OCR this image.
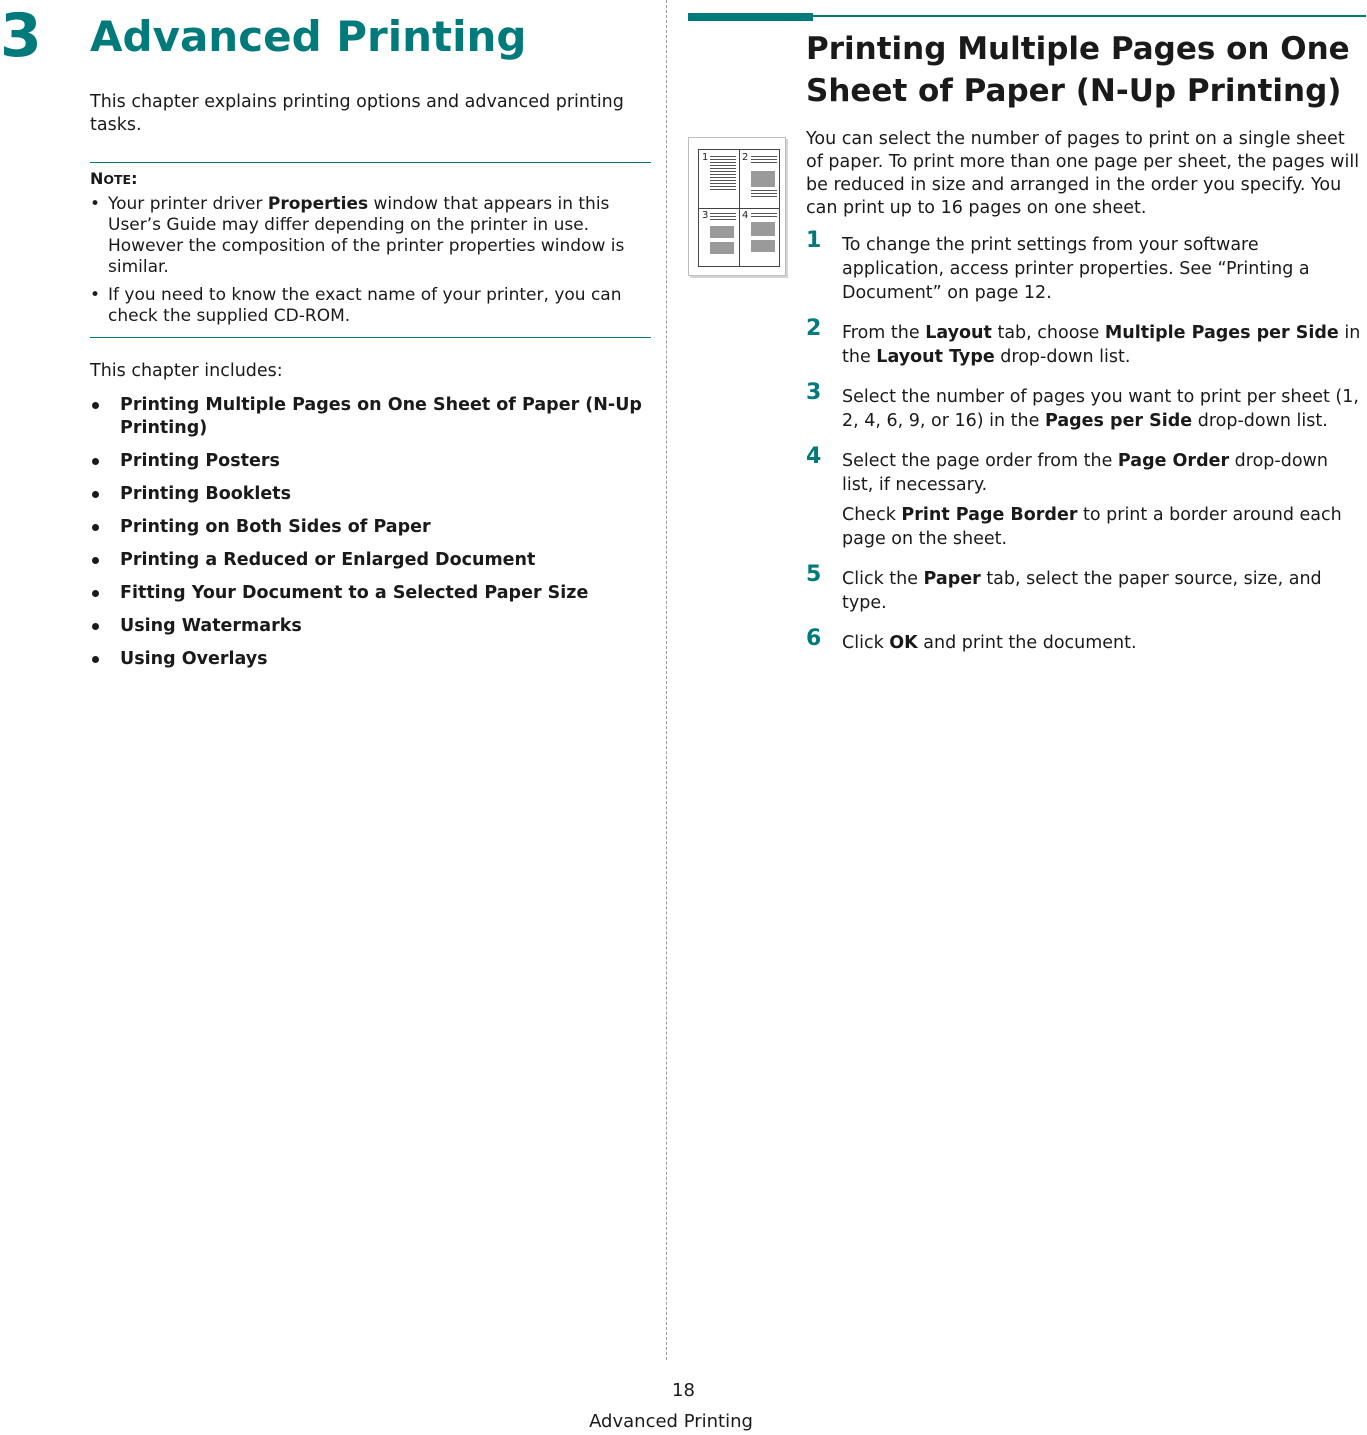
3 Advanced Printing
This chapter explains printing options and advanced printing tasks.
NOTE:
• Your printer driver Properties window that appears in this User’s Guide may differ depending on the printer in use. However the composition of the printer properties window is similar.
• If you need to know the exact name of your printer, you can check the supplied CD-ROM.
This chapter includes:
Printing Multiple Pages on One Sheet of Paper (N-Up Printing)
Printing Posters
Printing Booklets
Printing on Both Sides of Paper
Printing a Reduced or Enlarged Document
Fitting Your Document to a Selected Paper Size
Using Watermarks
Using Overlays
Printing Multiple Pages on One Sheet of Paper (N-Up Printing)
1	2
3	4
You can select the number of pages to print on a single sheet of paper. To print more than one page per sheet, the pages will be reduced in size and arranged in the order you specify. You can print up to 16 pages on one sheet.
1 To change the print settings from your software application, access printer properties. See “Printing a Document” on page 12.
2 From the Layout tab, choose Multiple Pages per Side in the Layout Type drop-down list.
3 Select the number of pages you want to print per sheet (1, 2, 4, 6, 9, or 16) in the Pages per Side drop-down list.
4 Select the page order from the Page Order drop-down list, if necessary.
Check Print Page Border to print a border around each page on the sheet.
5 Click the Paper tab, select the paper source, size, and type.
6 Click OK and print the document.
18
Advanced Printing
